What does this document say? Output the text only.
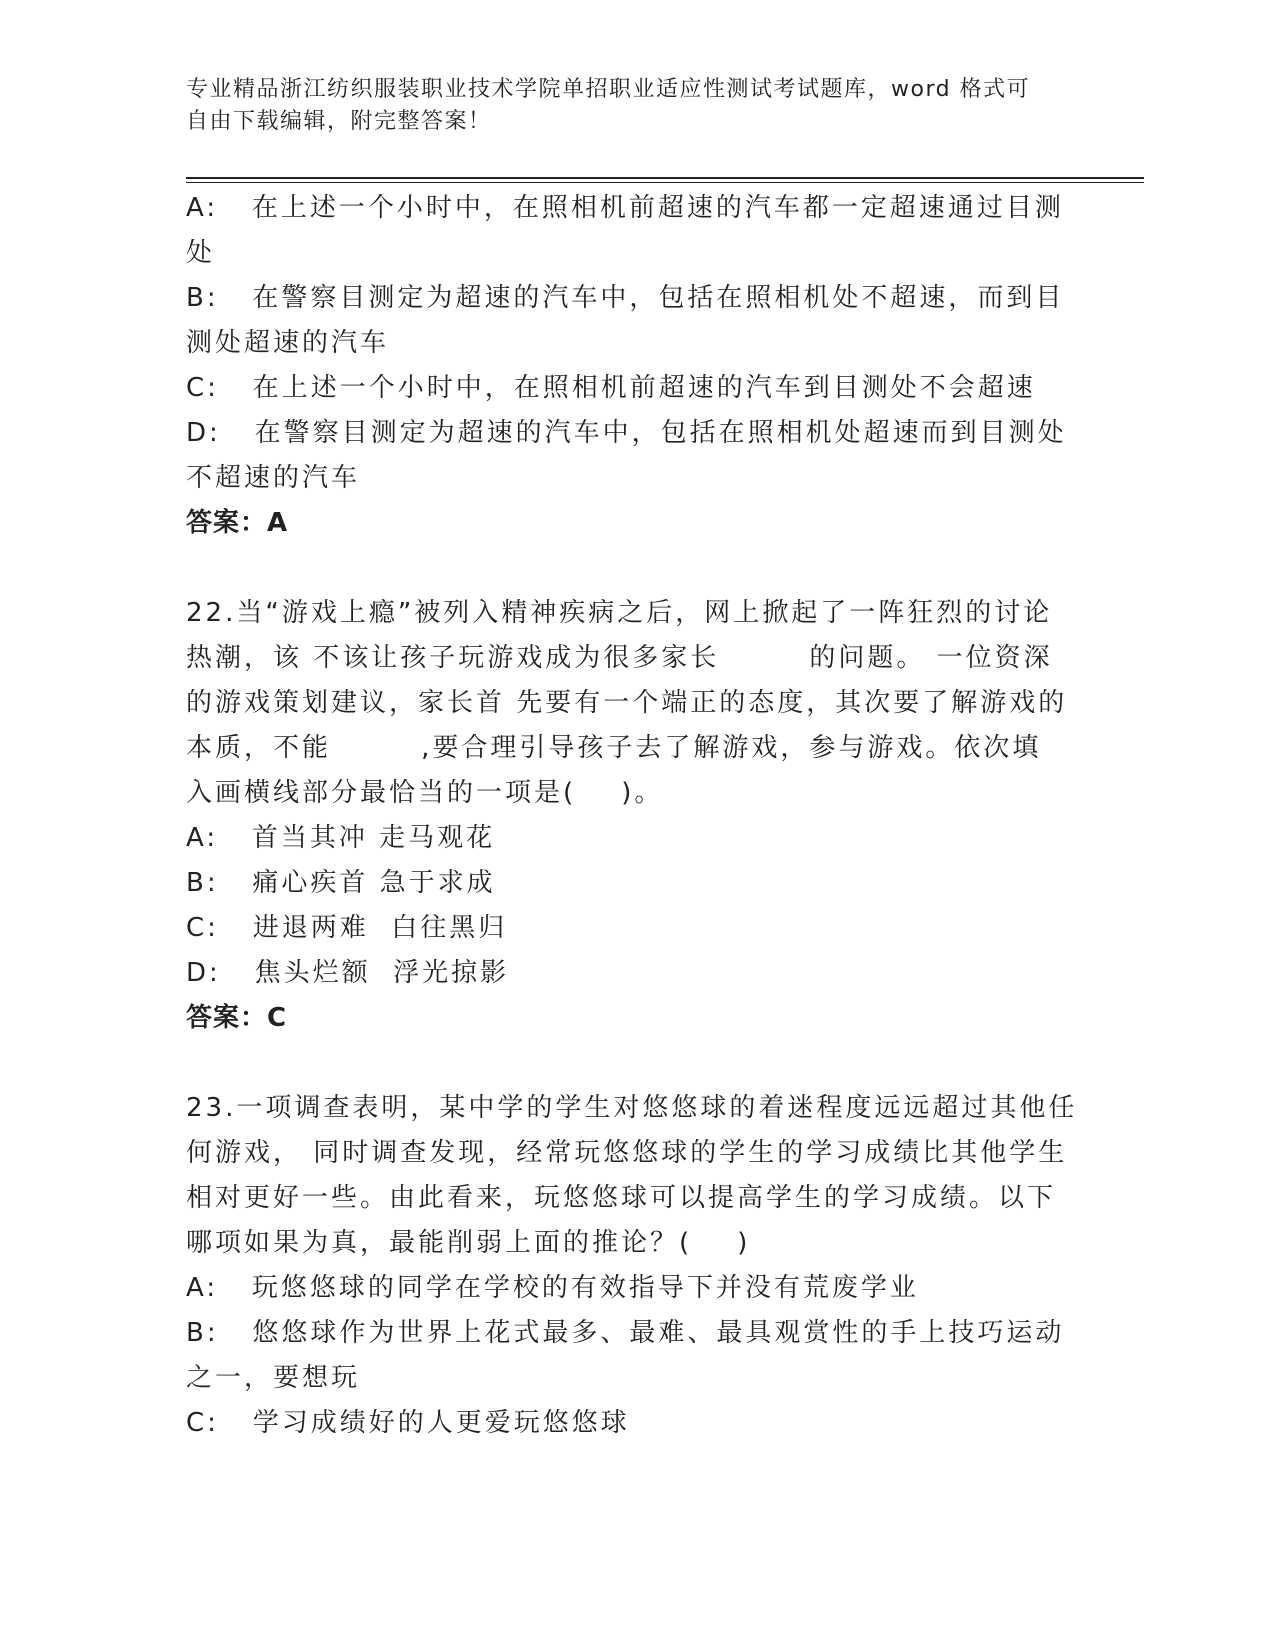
专业精品浙江纺织服装职业技术学院单招职业适应性测试考试题库，word 格式可
自由下载编辑，附完整答案！
A:   在上述一个小时中，在照相机前超速的汽车都一定超速通过目测
处
B:   在警察目测定为超速的汽车中，包括在照相机处不超速，而到目
测处超速的汽车
C:   在上述一个小时中，在照相机前超速的汽车到目测处不会超速
D:   在警察目测定为超速的汽车中，包括在照相机处超速而到目测处
不超速的汽车
答案：A
22.当“游戏上瘾”被列入精神疾病之后，网上掀起了一阵狂烈的讨论
热潮，该 不该让孩子玩游戏成为很多家长        的问题。 一位资深
的游戏策划建议，家长首 先要有一个端正的态度，其次要了解游戏的
本质，不能        ,要合理引导孩子去了解游戏，参与游戏。依次填
入画横线部分最恰当的一项是(    )。
A:   首当其冲 走马观花
B:   痛心疾首 急于求成
C:   进退两难  白往黑归
D:   焦头烂额  浮光掠影
答案：C
23.一项调查表明，某中学的学生对悠悠球的着迷程度远远超过其他任
何游戏， 同时调查发现，经常玩悠悠球的学生的学习成绩比其他学生
相对更好一些。由此看来，玩悠悠球可以提高学生的学习成绩。以下
哪项如果为真，最能削弱上面的推论？(    )
A:   玩悠悠球的同学在学校的有效指导下并没有荒废学业
B:   悠悠球作为世界上花式最多、最难、最具观赏性的手上技巧运动
之一，要想玩
C:   学习成绩好的人更爱玩悠悠球
